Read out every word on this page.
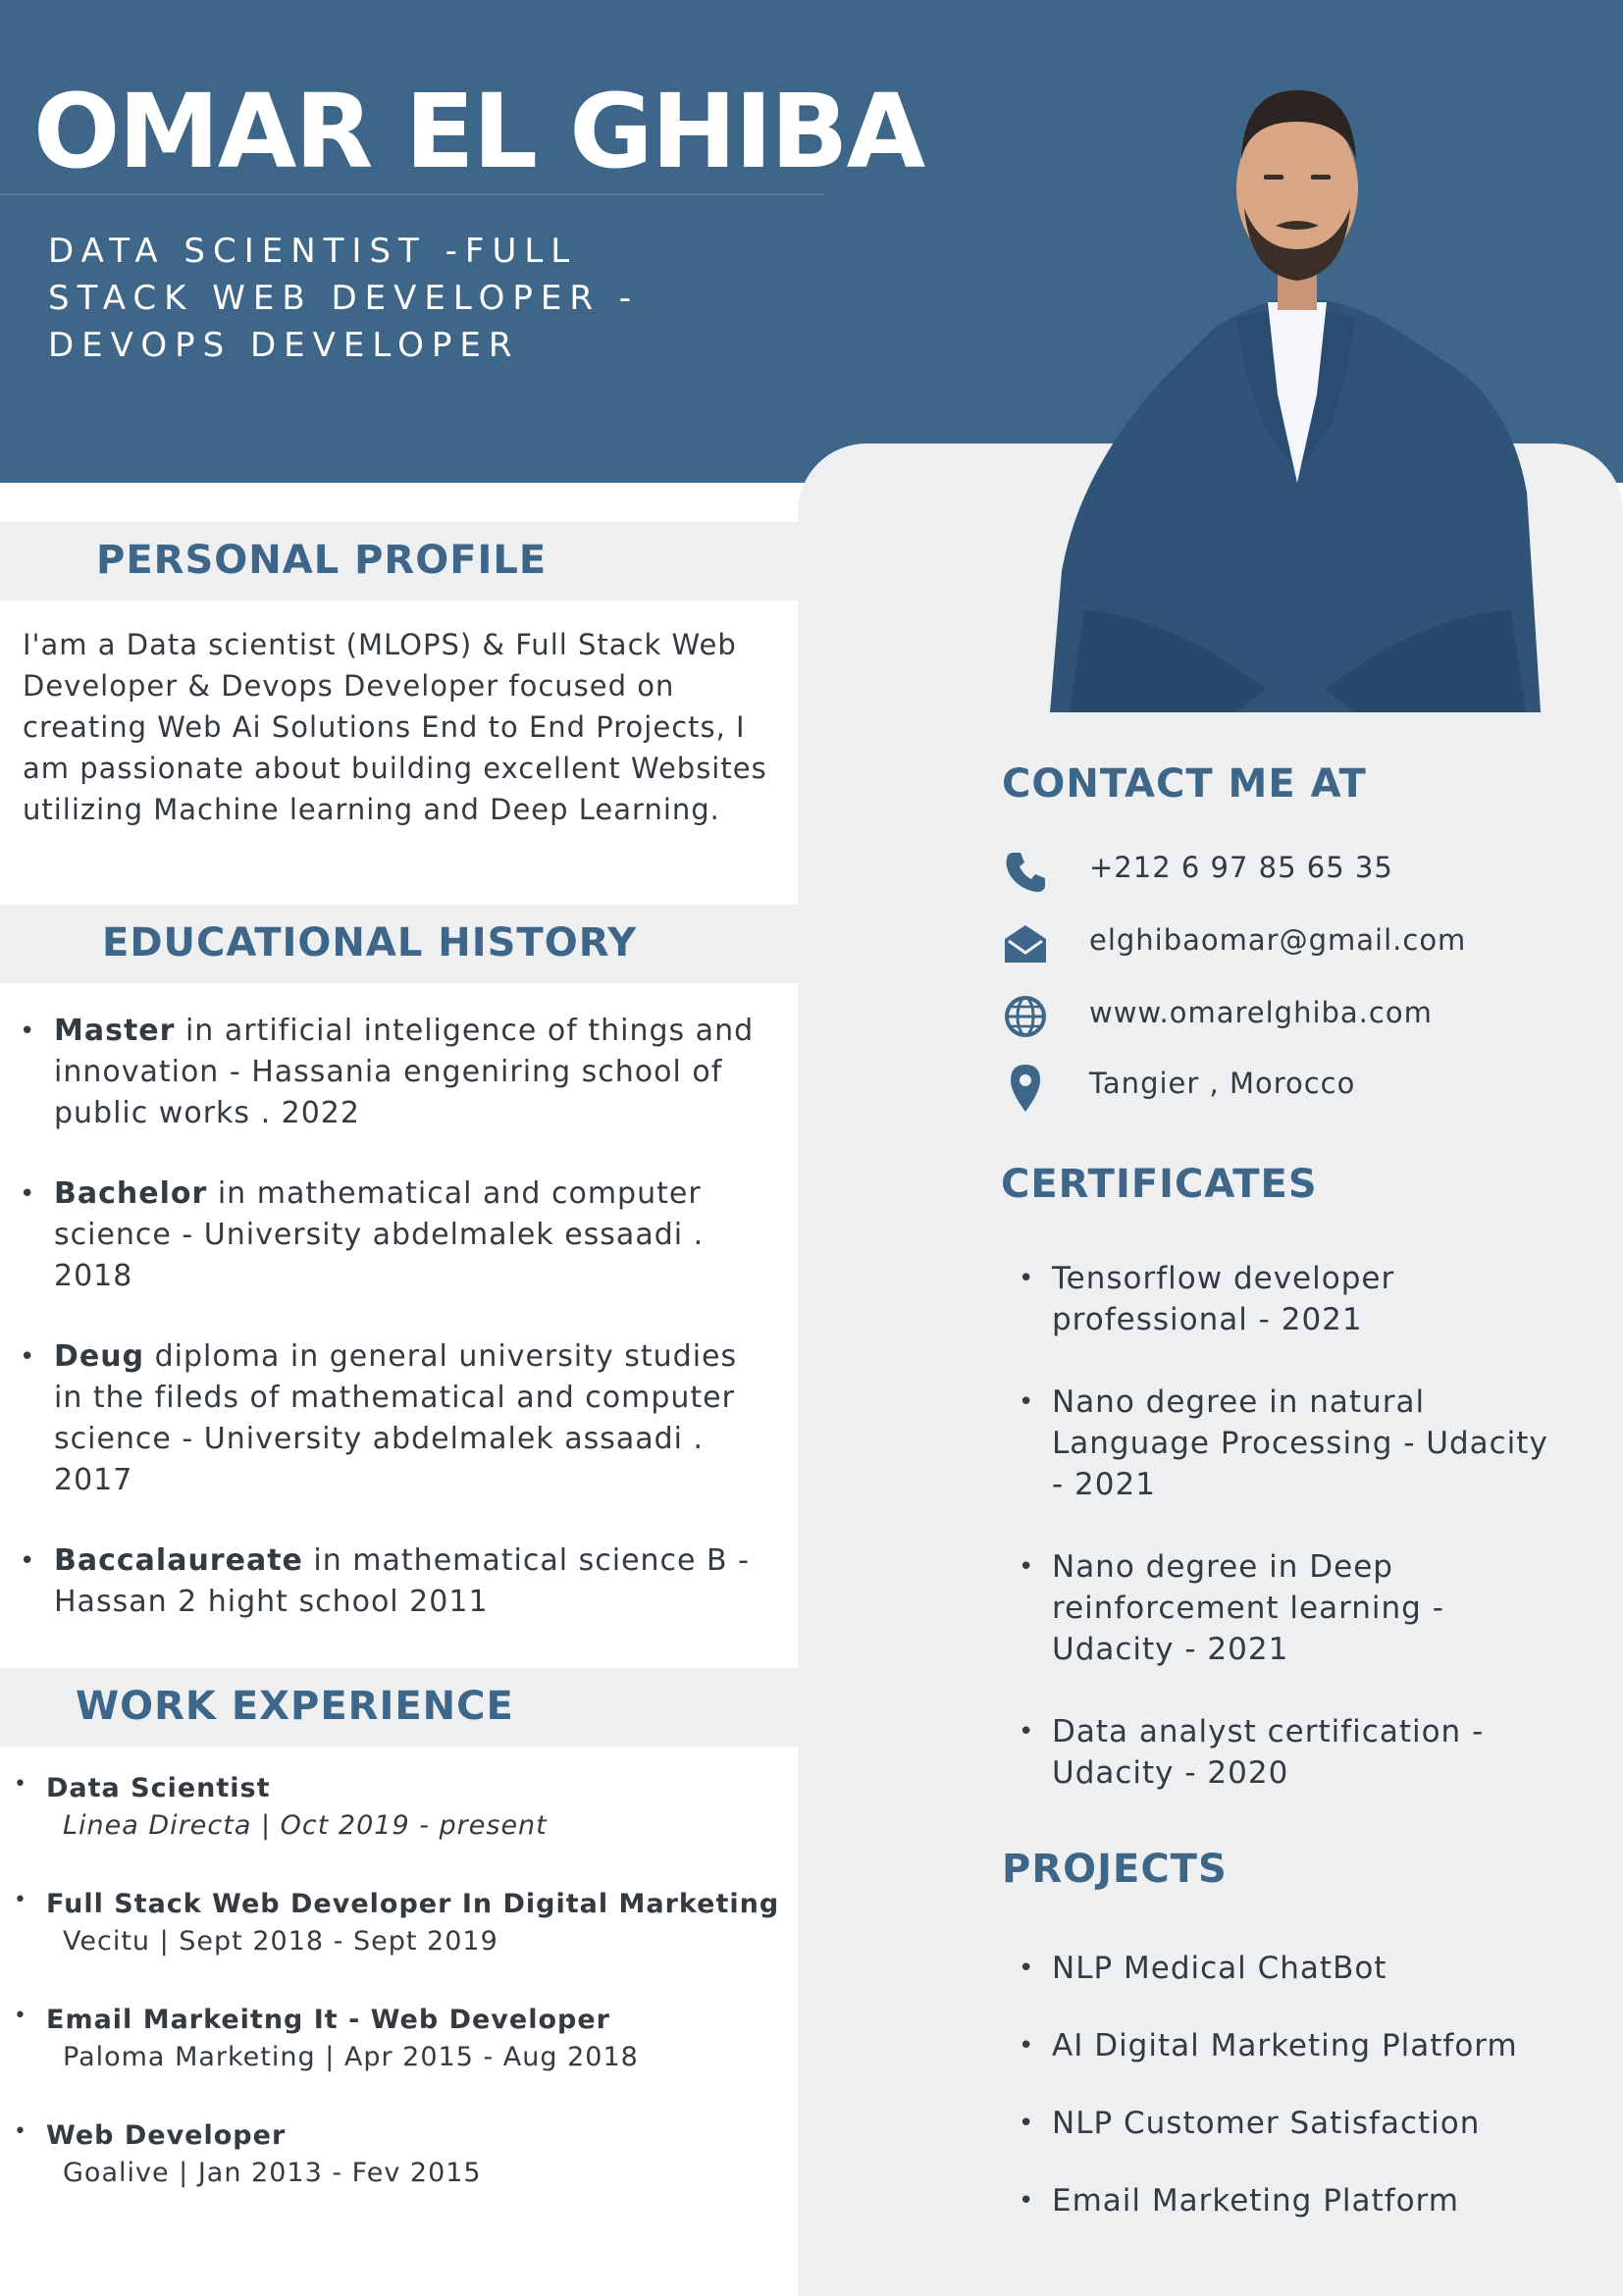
OMAR EL GHIBA
DATA SCIENTIST -FULL STACK WEB DEVELOPER - DEVOPS DEVELOPER
PERSONAL PROFILE

I'am a Data scientist (MLOPS) & Full Stack Web Developer & Devops Developer focused on creating Web Ai Solutions End to End Projects, I am passionate about building excellent Websites utilizing Machine learning and Deep Learning.

EDUCATIONAL HISTORY
• Master in artificial inteligence of things and innovation - Hassania engeniring school of public works . 2022
• Bachelor in mathematical and computer science - University abdelmalek essaadi . 2018
• Deug diploma in general university studies in the fileds of mathematical and computer science - University abdelmalek assaadi . 2017
• Baccalaureate in mathematical science B - Hassan 2 hight school 2011
WORK EXPERIENCE
• Data Scientist
Linea Directa | Oct 2019 - present
• Full Stack Web Developer In Digital Marketing
Vecitu | Sept 2018 - Sept 2019
• Email Markeitng It - Web Developer
Paloma Marketing | Apr 2015 - Aug 2018
• Web Developer
Goalive | Jan 2013 - Fev 2015
CONTACT ME AT
+212 6 97 85 65 35
elghibaomar@gmail.com
www.omarelghiba.com
Tangier , Morocco
CERTIFICATES
• Tensorflow developer professional - 2021
• Nano degree in natural Language Processing - Udacity - 2021
• Nano degree in Deep reinforcement learning - Udacity - 2021
• Data analyst certification - Udacity - 2020
PROJECTS
• NLP Medical ChatBot
• AI Digital Marketing Platform
• NLP Customer Satisfaction
• Email Marketing Platform
